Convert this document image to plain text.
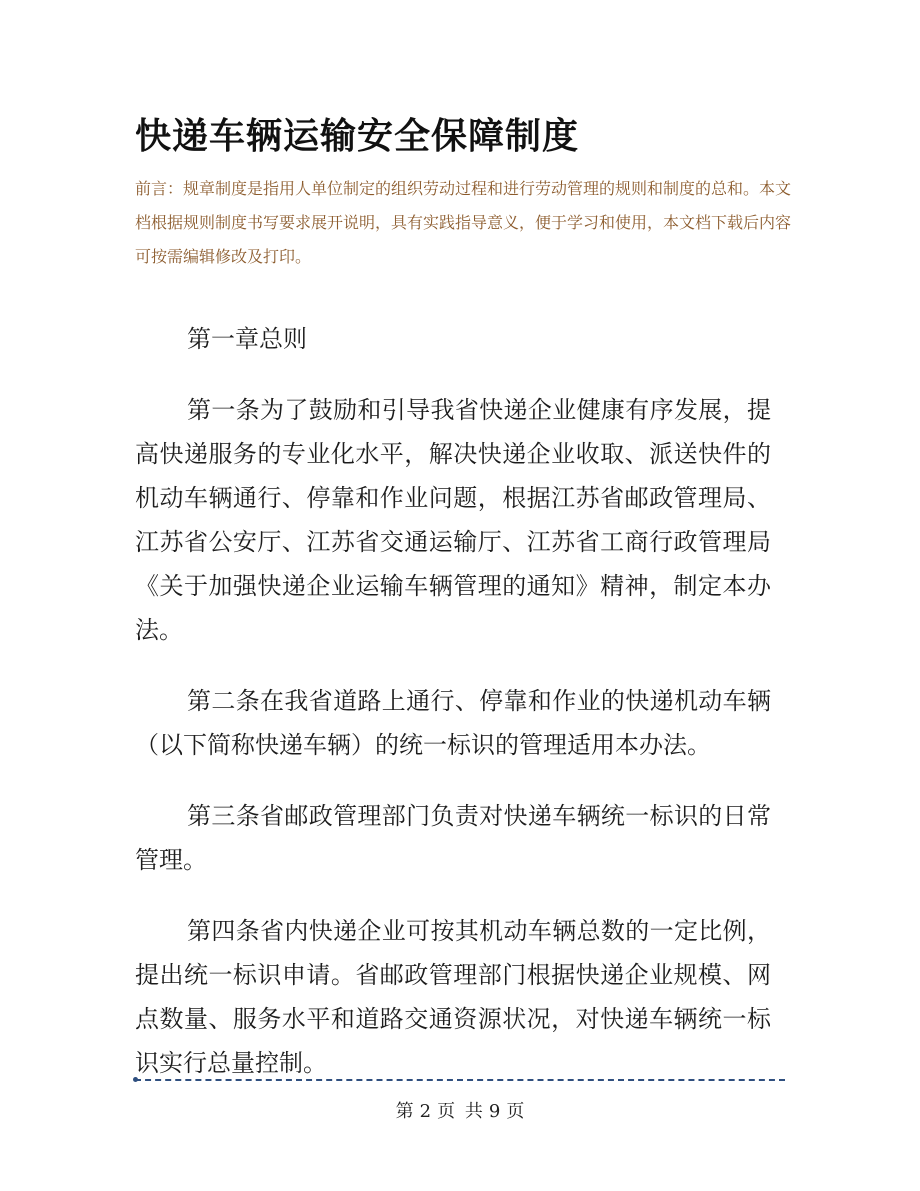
快递车辆运输安全保障制度

前言：规章制度是指用人单位制定的组织劳动过程和进行劳动管理的规则和制度的总和。本文档根据规则制度书写要求展开说明，具有实践指导意义，便于学习和使用，本文档下载后内容可按需编辑修改及打印。

第一章总则

第一条为了鼓励和引导我省快递企业健康有序发展，提高快递服务的专业化水平，解决快递企业收取、派送快件的机动车辆通行、停靠和作业问题，根据江苏省邮政管理局、江苏省公安厅、江苏省交通运输厅、江苏省工商行政管理局《关于加强快递企业运输车辆管理的通知》精神，制定本办法。

第二条在我省道路上通行、停靠和作业的快递机动车辆（以下简称快递车辆）的统一标识的管理适用本办法。

第三条省邮政管理部门负责对快递车辆统一标识的日常管理。

第四条省内快递企业可按其机动车辆总数的一定比例，提出统一标识申请。省邮政管理部门根据快递企业规模、网点数量、服务水平和道路交通资源状况，对快递车辆统一标识实行总量控制。

第 2 页 共 9 页
